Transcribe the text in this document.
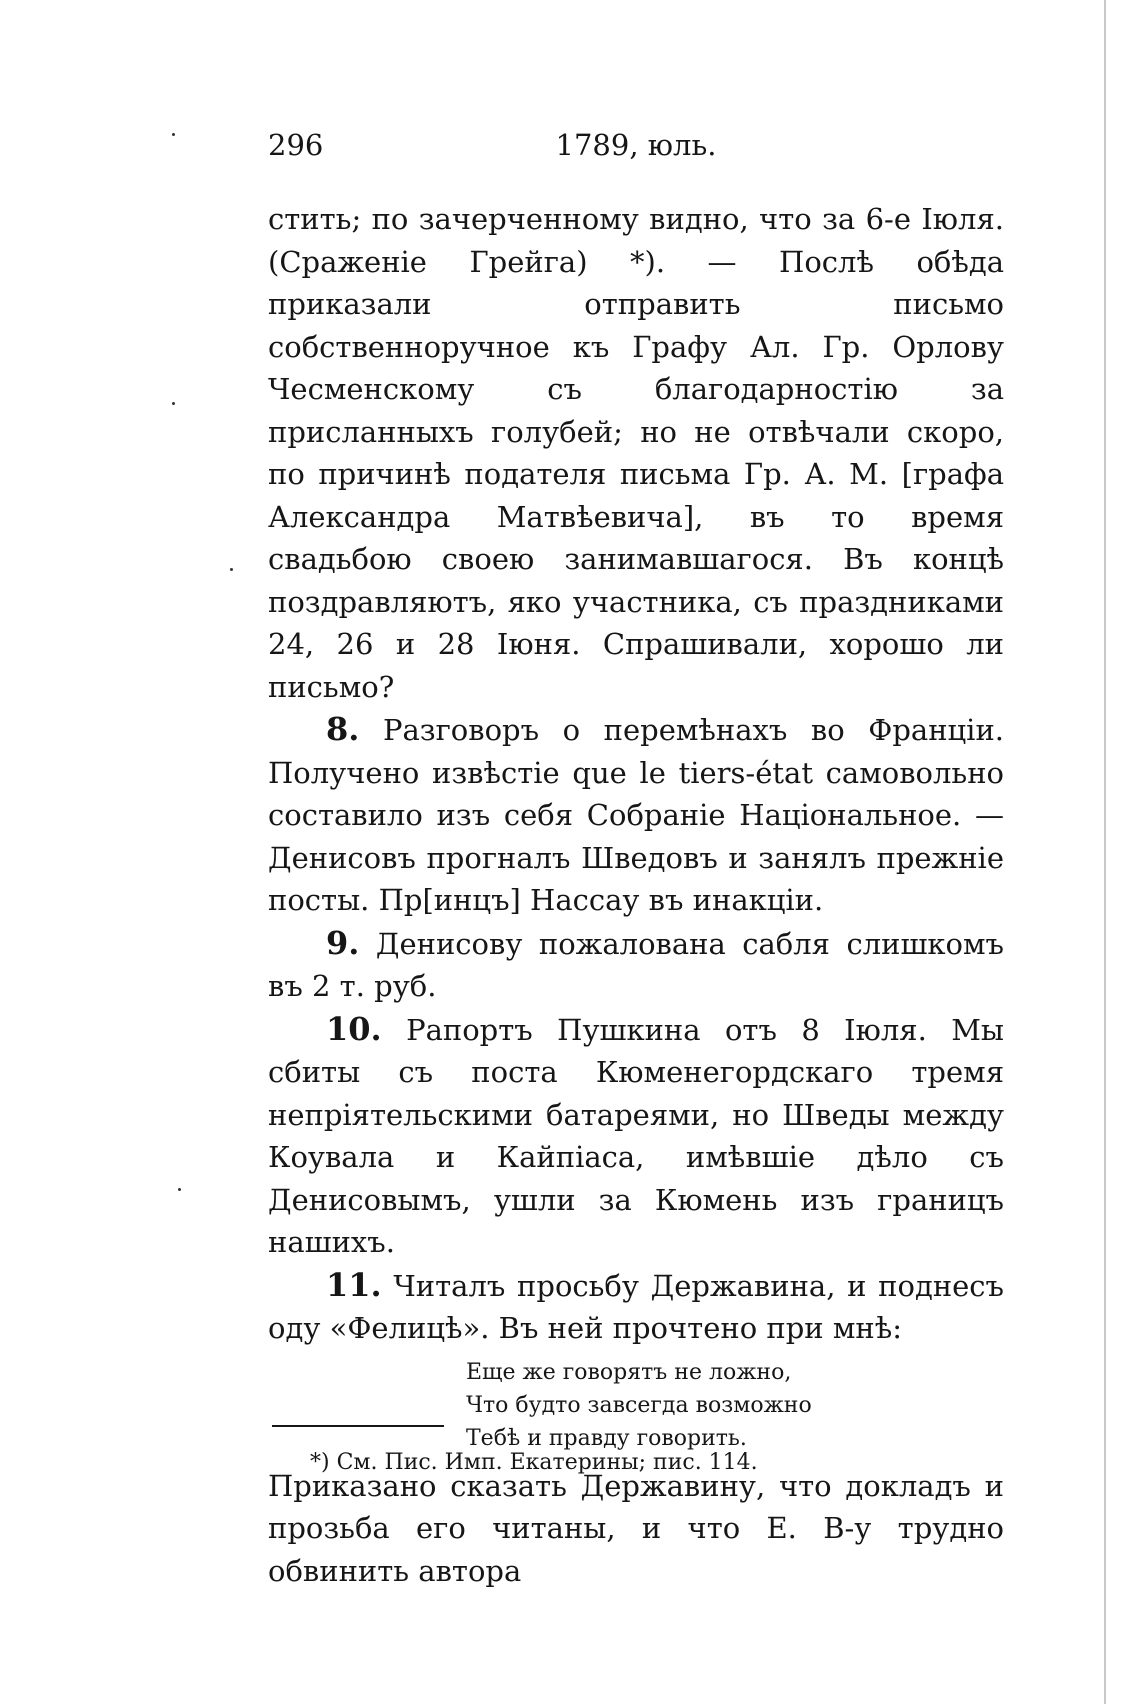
296	1789, юль.

стить; по зачерченному видно, что за 6-е Іюля. (Сраженіе Грейга) *). — Послѣ обѣда приказали отправить письмо собственноручное къ Графу Ал. Гр. Орлову Чесменскому съ благодарностію за присланныхъ голубей; но не отвѣчали скоро, по причинѣ подателя письма Гр. А. М. [графа Александра Матвѣевича], въ то время свадьбою своею занимавшагося. Въ концѣ поздравляютъ, яко участника, съ праздниками 24, 26 и 28 Іюня. Спрашивали, хорошо ли письмо?

8. Разговоръ о перемѣнахъ во Франціи. Получено извѣстіе que le tiers-état самовольно составило изъ себя Собраніе Національное. — Денисовъ прогналъ Шведовъ и занялъ прежніе посты. Пр[инцъ] Нассау въ инакціи.

9. Денисову пожалована сабля слишкомъ въ 2 т. руб.

10. Рапортъ Пушкина отъ 8 Іюля. Мы сбиты съ поста Кюменегордскаго тремя непріятельскими батареями, но Шведы между Коувала и Кайпіаса, имѣвшіе дѣло съ Денисовымъ, ушли за Кюмень изъ границъ нашихъ.

11. Читалъ просьбу Державина, и поднесъ оду «Фелицѣ». Въ ней прочтено при мнѣ:

Еще же говорятъ не ложно,
Что будто завсегда возможно
Тебѣ и правду говорить.

Приказано сказать Державину, что докладъ и прозьба его читаны, и что Е. В-у трудно обвинить автора

*) См. Пис. Имп. Екатерины; пис. 114.
